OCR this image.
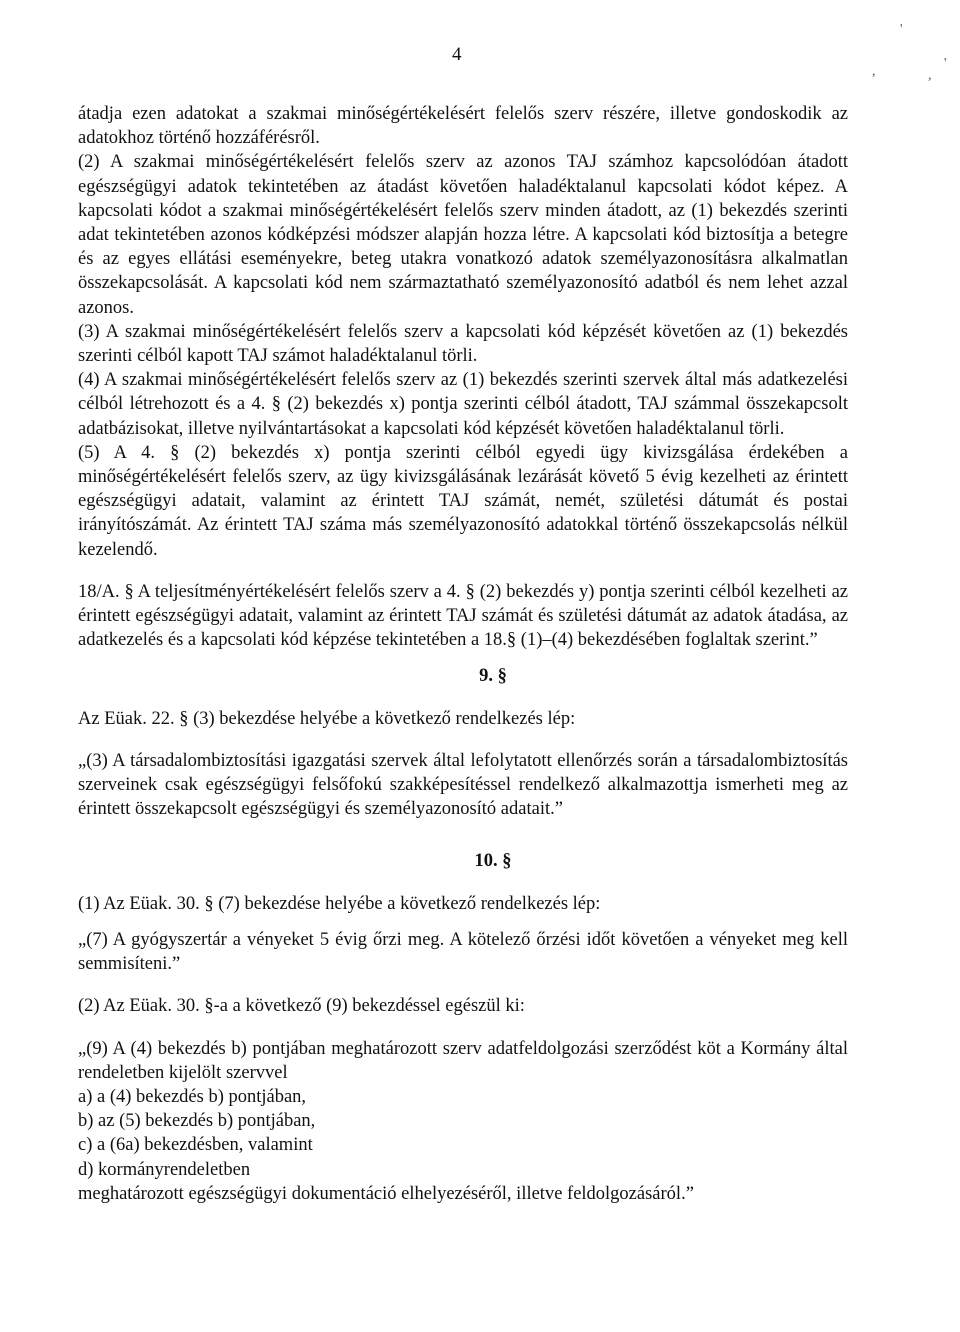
4
,	,
'
'

átadja ezen adatokat a szakmai minőségértékelésért felelős szerv részére, illetve gondoskodik az adatokhoz történő hozzáférésről.

(2) A szakmai minőségértékelésért felelős szerv az azonos TAJ számhoz kapcsolódóan átadott egészségügyi adatok tekintetében az átadást követően haladéktalanul kapcsolati kódot képez. A kapcsolati kódot a szakmai minőségértékelésért felelős szerv minden átadott, az (1) bekezdés szerinti adat tekintetében azonos kódképzési módszer alapján hozza létre. A kapcsolati kód biztosítja a betegre és az egyes ellátási eseményekre, beteg utakra vonatkozó adatok személyazonosításra alkalmatlan összekapcsolását. A kapcsolati kód nem származtatható személyazonosító adatból és nem lehet azzal azonos.

(3) A szakmai minőségértékelésért felelős szerv a kapcsolati kód képzését követően az (1) bekezdés szerinti célból kapott TAJ számot haladéktalanul törli.

(4) A szakmai minőségértékelésért felelős szerv az (1) bekezdés szerinti szervek által más adatkezelési célból létrehozott és a 4. § (2) bekezdés x) pontja szerinti célból átadott, TAJ számmal összekapcsolt adatbázisokat, illetve nyilvántartásokat a kapcsolati kód képzését követően haladéktalanul törli.

(5) A 4. § (2) bekezdés x) pontja szerinti célból egyedi ügy kivizsgálása érdekében a minőségértékelésért felelős szerv, az ügy kivizsgálásának lezárását követő 5 évig kezelheti az érintett egészségügyi adatait, valamint az érintett TAJ számát, nemét, születési dátumát és postai irányítószámát. Az érintett TAJ száma más személyazonosító adatokkal történő összekapcsolás nélkül kezelendő.

18/A. § A teljesítményértékelésért felelős szerv a 4. § (2) bekezdés y) pontja szerinti célból kezelheti az érintett egészségügyi adatait, valamint az érintett TAJ számát és születési dátumát az adatok átadása, az adatkezelés és a kapcsolati kód képzése tekintetében a 18.§ (1)–(4) bekezdésében foglaltak szerint.”

9. §

Az Eüak. 22. § (3) bekezdése helyébe a következő rendelkezés lép:

„(3) A társadalombiztosítási igazgatási szervek által lefolytatott ellenőrzés során a társadalombiztosítás szerveinek csak egészségügyi felsőfokú szakképesítéssel rendelkező alkalmazottja ismerheti meg az érintett összekapcsolt egészségügyi és személyazonosító adatait.”

10. §

(1) Az Eüak. 30. § (7) bekezdése helyébe a következő rendelkezés lép:

„(7) A gyógyszertár a vényeket 5 évig őrzi meg. A kötelező őrzési időt követően a vényeket meg kell semmisíteni.”

(2) Az Eüak. 30. §-a a következő (9) bekezdéssel egészül ki:

„(9) A (4) bekezdés b) pontjában meghatározott szerv adatfeldolgozási szerződést köt a Kormány által rendeletben kijelölt szervvel

a) a (4) bekezdés b) pontjában,

b) az (5) bekezdés b) pontjában,

c) a (6a) bekezdésben, valamint

d) kormányrendeletben

meghatározott egészségügyi dokumentáció elhelyezéséről, illetve feldolgozásáról.”
